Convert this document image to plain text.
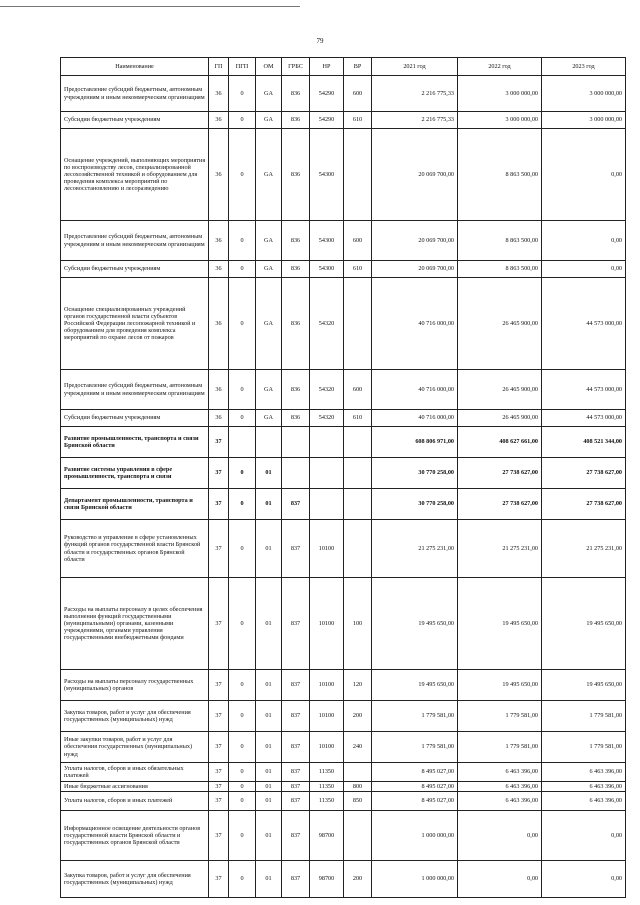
79
Наименование	ГП	ПГП	ОМ	ГРБС	НР	ВР	2021 год	2022 год	2023 год
Предоставление субсидий бюджетным, автономным учреждениям и иным некоммерческим организациям	36	0	GA	836	54290	600	2 216 775,33	3 000 000,00	3 000 000,00
Субсидии бюджетным учреждениям	36	0	GA	836	54290	610	2 216 775,33	3 000 000,00	3 000 000,00
Оснащение учреждений, выполняющих мероприятия по воспроизводству лесов, специализированной лесохозяйственной техникой и оборудованием для проведения комплекса мероприятий по лесовосстановлению и лесоразведению	36	0	GA	836	54300		20 069 700,00	8 863 500,00	0,00
Предоставление субсидий бюджетным, автономным учреждениям и иным некоммерческим организациям	36	0	GA	836	54300	600	20 069 700,00	8 863 500,00	0,00
Субсидии бюджетным учреждениям	36	0	GA	836	54300	610	20 069 700,00	8 863 500,00	0,00
Оснащение специализированных учреждений органов государственной власти субъектов Российской Федерации лесопожарной техникой и оборудованием для проведения комплекса мероприятий по охране лесов от пожаров	36	0	GA	836	54320		40 716 000,00	26 465 900,00	44 573 000,00
Предоставление субсидий бюджетным, автономным учреждениям и иным некоммерческим организациям	36	0	GA	836	54320	600	40 716 000,00	26 465 900,00	44 573 000,00
Субсидии бюджетным учреждениям	36	0	GA	836	54320	610	40 716 000,00	26 465 900,00	44 573 000,00
Развитие промышленности, транспорта и связи Брянской области	37						608 806 971,00	408 627 661,00	408 521 344,00
Развитие системы управления в сфере промышленности, транспорта и связи	37	0	01				30 770 258,00	27 738 627,00	27 738 627,00
Департамент промышленности, транспорта и связи Брянской области	37	0	01	837			30 770 258,00	27 738 627,00	27 738 627,00
Руководство и управление в сфере установленных функций органов государственной власти Брянской области и государственных органов Брянской области	37	0	01	837	10100		21 275 231,00	21 275 231,00	21 275 231,00
Расходы на выплаты персоналу в целях обеспечения выполнения функций государственными (муниципальными) органами, казенными учреждениями, органами управления государственными внебюджетными фондами	37	0	01	837	10100	100	19 495 650,00	19 495 650,00	19 495 650,00
Расходы на выплаты персоналу государственных (муниципальных) органов	37	0	01	837	10100	120	19 495 650,00	19 495 650,00	19 495 650,00
Закупка товаров, работ и услуг для обеспечения государственных (муниципальных) нужд	37	0	01	837	10100	200	1 779 581,00	1 779 581,00	1 779 581,00
Иные закупки товаров, работ и услуг для обеспечения государственных (муниципальных) нужд	37	0	01	837	10100	240	1 779 581,00	1 779 581,00	1 779 581,00
Уплата налогов, сборов и иных обязательных платежей	37	0	01	837	11350		8 495 027,00	6 463 396,00	6 463 396,00
Иные бюджетные ассигнования	37	0	01	837	11350	800	8 495 027,00	6 463 396,00	6 463 396,00
Уплата налогов, сборов и иных платежей	37	0	01	837	11350	850	8 495 027,00	6 463 396,00	6 463 396,00
Информационное освещение деятельности органов государственной власти Брянской области и государственных органов Брянской области	37	0	01	837	98700		1 000 000,00	0,00	0,00
Закупка товаров, работ и услуг для обеспечения государственных (муниципальных) нужд	37	0	01	837	98700	200	1 000 000,00	0,00	0,00
